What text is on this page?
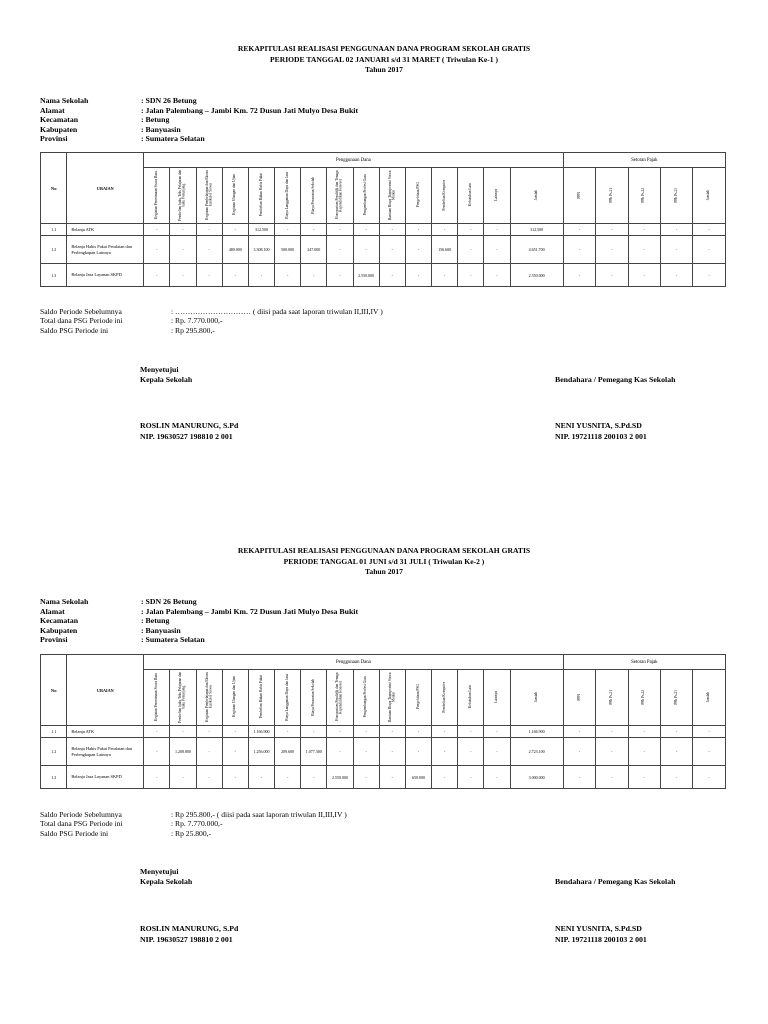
REKAPITULASI REALISASI PENGGUNAAN DANA PROGRAM SEKOLAH GRATIS
PERIODE TANGGAL 02 JANUARI s/d 31 MARET ( Triwulan Ke-1 )
Tahun 2017
Nama Sekolah	: SDN 26 Betung
Alamat	: Jalan Palembang – Jambi Km. 72 Dusun Jati Mulyo Desa Bukit
Kecamatan	: Betung
Kabupaten	: Banyuasin
Provinsi	: Sumatera Selatan
No	URAIAN	Penggunaan Dana															Setoran Pajak				
		Kegiatan Penerimaan Siswa Baru	Pembelian buku Teks Pelajaran dan buku Penunjang	Kegiatan Pembelajaran dan Ekstra kurikuler Siswa	Kegiatan Ulangan dan Ujian	Pembelian Bahan Habis Pakai	Biaya Langganan Daya dan Jasa	Biaya Perawatan Sekolah	Honorarium Pendidik dan Tenaga Kependidikan Honorer	Pengembangan Profesi Guru	Bantuan Biaya Transportasi Siswa Miskin	Pengelolaan PSG	Pembelian Komputer	Kebutuhan Lain	Lainnya	Jumlah	PPN	PPh Ps.21	PPh Ps.22	PPh Ps.23	Jumlah
1.1	Belanja ATK	-	-	-	-	312.500	-	-	-	-	-	-	-	-	-	312.500	-	-	-	-	-
1.2	Belanja Habis Pakai Peralatan dan Perlengkapan Lainnya	-	-	-	480.000	3.308.100	500.000	247.000	-	-	-	-	156.600	-	-	4.651.700	-	-	-	-	-
1.3	Belanja Jasa Layanan SKPD	-	-	-	-	-	-	-	-	2.550.000	-	-	-	-	-	2.550.000	-	-	-	-	-
Saldo Periode Sebelumnya	: ………………………… ( diisi pada saat laporan triwulan II,III,IV )
Total dana PSG Periode ini	: Rp. 7.770.000,-
Saldo PSG Periode ini	: Rp 295.800,-
Menyetujui
Kepala Sekolah	Bendahara / Pemegang Kas Sekolah
ROSLIN MANURUNG, S.Pd
NIP. 19630527 198810 2 001
NENI YUSNITA, S.Pd.SD
NIP. 19721118 200103 2 001
REKAPITULASI REALISASI PENGGUNAAN DANA PROGRAM SEKOLAH GRATIS
PERIODE TANGGAL 01 JUNI s/d 31 JULI ( Triwulan Ke-2 )
Tahun 2017
Nama Sekolah	: SDN 26 Betung
Alamat	: Jalan Palembang – Jambi Km. 72 Dusun Jati Mulyo Desa Bukit
Kecamatan	: Betung
Kabupaten	: Banyuasin
Provinsi	: Sumatera Selatan
No	URAIAN	Penggunaan Dana															Setoran Pajak				
		Kegiatan Penerimaan Siswa Baru	Pembelian buku Teks Pelajaran dan buku Penunjang	Kegiatan Pembelajaran dan Ekstra kurikuler Siswa	Kegiatan Ulangan dan Ujian	Pembelian Bahan Habis Pakai	Biaya Langganan Daya dan Jasa	Biaya Perawatan Sekolah	Honorarium Pendidik dan Tenaga Kependidikan Honorer	Pengembangan Profesi Guru	Bantuan Biaya Transportasi Siswa Miskin	Pengelolaan PSG	Pembelian Komputer	Kebutuhan Lain	Lainnya	Jumlah	PPN	PPh Ps.21	PPh Ps.22	PPh Ps.23	Jumlah
1.1	Belanja ATK	-	-	-	-	1.166.900	-	-	-	-	-	-	-	-	-	1.166.900	-	-	-	-	-
1.2	Belanja Habis Pakai Peralatan dan Perlengkapan Lainnya	-	1.208.800	-	-	1.256.000	209.600	1.077.300	-	-	-	-	-	-	-	2.723.100	-	-	-	-	-
1.3	Belanja Jasa Layanan SKPD	-	-	-	-	-	-	-	2.550.000	-	-	650.000	-	-	-	3.000.000	-	-	-	-	-
Saldo Periode Sebelumnya	: Rp 295.800,- ( diisi pada saat laporan triwulan II,III,IV )
Total dana PSG Periode ini	: Rp. 7.770.000,-
Saldo PSG Periode ini	: Rp 25.800,-
Menyetujui
Kepala Sekolah	Bendahara / Pemegang Kas Sekolah
ROSLIN MANURUNG, S.Pd
NIP. 19630527 198810 2 001
NENI YUSNITA, S.Pd.SD
NIP. 19721118 200103 2 001
